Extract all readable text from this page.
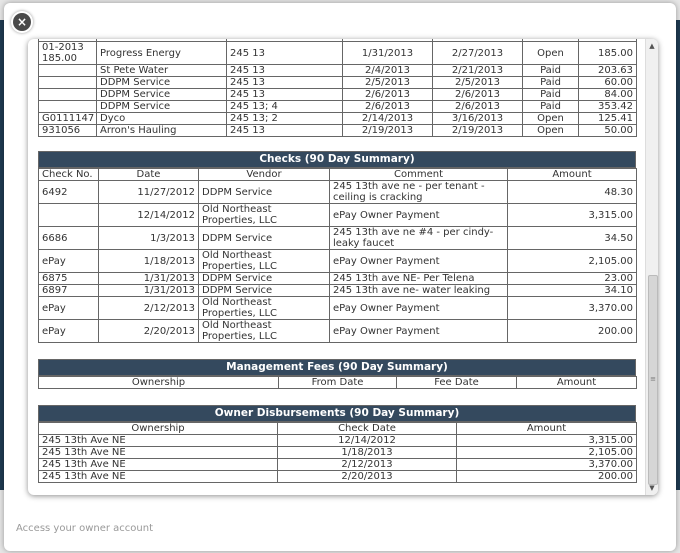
×

01-2013 185.00	Progress Energy	245 13	1/31/2013	2/27/2013	Open	185.00
	St Pete Water	245 13	2/4/2013	2/21/2013	Paid	203.63
	DDPM Service	245 13	2/5/2013	2/5/2013	Paid	60.00
	DDPM Service	245 13	2/6/2013	2/6/2013	Paid	84.00
	DDPM Service	245 13; 4	2/6/2013	2/6/2013	Paid	353.42
G0111147	Dyco	245 13; 2	2/14/2013	3/16/2013	Open	125.41
931056	Arron's Hauling	245 13	2/19/2013	2/19/2013	Open	50.00
Checks (90 Day Summary)
Check No.	Date	Vendor	Comment	Amount
6492	11/27/2012	DDPM Service	245 13th ave ne - per tenant - ceiling is cracking	48.30
	12/14/2012	Old Northeast Properties, LLC	ePay Owner Payment	3,315.00
6686	1/3/2013	DDPM Service	245 13th ave ne #4 - per cindy- leaky faucet	34.50
ePay	1/18/2013	Old Northeast Properties, LLC	ePay Owner Payment	2,105.00
6875	1/31/2013	DDPM Service	245 13th ave NE- Per Telena	23.00
6897	1/31/2013	DDPM Service	245 13th ave ne- water leaking	34.10
ePay	2/12/2013	Old Northeast Properties, LLC	ePay Owner Payment	3,370.00
ePay	2/20/2013	Old Northeast Properties, LLC	ePay Owner Payment	200.00
Management Fees (90 Day Summary)
Ownership	From Date	Fee Date	Amount
Owner Disbursements (90 Day Summary)
Ownership	Check Date	Amount
245 13th Ave NE	12/14/2012	3,315.00
245 13th Ave NE	1/18/2013	2,105.00
245 13th Ave NE	2/12/2013	3,370.00
245 13th Ave NE	2/20/2013	200.00
▲
≡
▼
Access your owner account
